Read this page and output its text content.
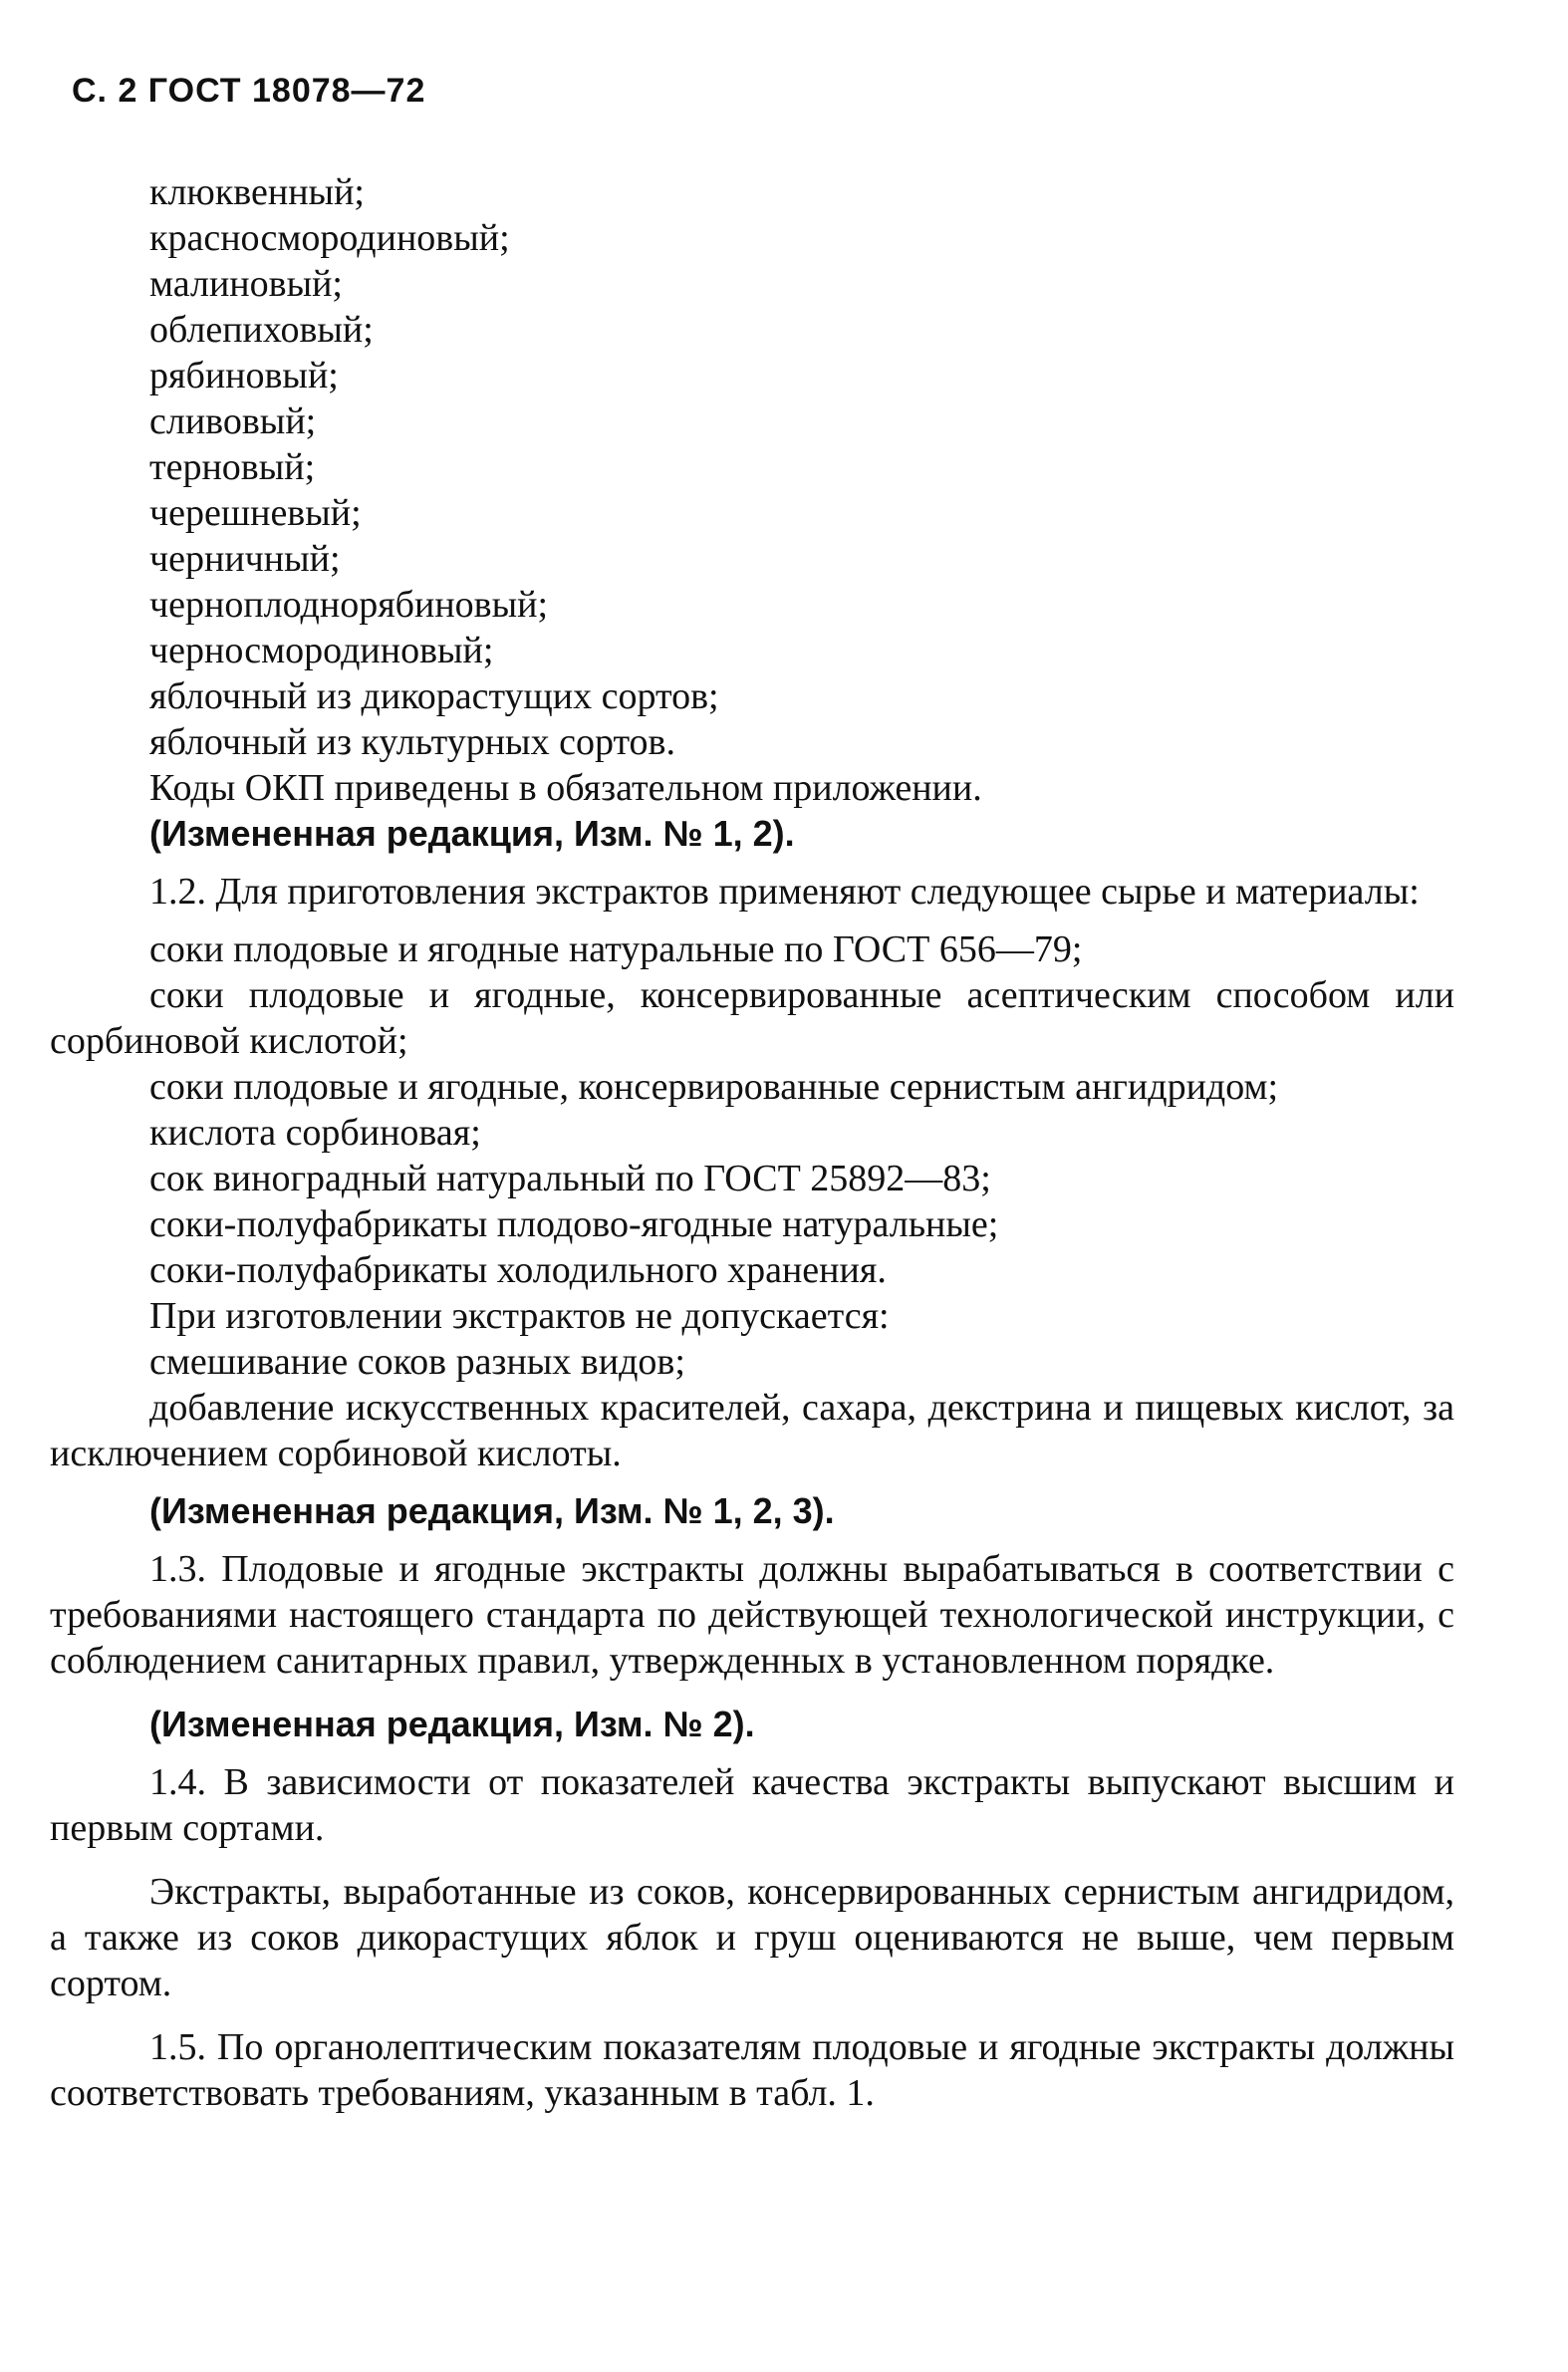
С. 2 ГОСТ 18078—72

клюквенный;

красносмородиновый;

малиновый;

облепиховый;

рябиновый;

сливовый;

терновый;

черешневый;

черничный;

черноплоднорябиновый;

черносмородиновый;

яблочный из дикорастущих сортов;

яблочный из культурных сортов.

Коды ОКП приведены в обязательном приложении.

(Измененная редакция, Изм. № 1, 2).

1.2. Для приготовления экстрактов применяют следующее сырье и материалы:

соки плодовые и ягодные натуральные по ГОСТ 656—79;

соки плодовые и ягодные, консервированные асептическим способом или сорбиновой кислотой;

соки плодовые и ягодные, консервированные сернистым ангидридом;

кислота сорбиновая;

сок виноградный натуральный по ГОСТ 25892—83;

соки-полуфабрикаты плодово-ягодные натуральные;

соки-полуфабрикаты холодильного хранения.

При изготовлении экстрактов не допускается:

смешивание соков разных видов;

добавление искусственных красителей, сахара, декстрина и пищевых кислот, за исключением сорбиновой кислоты.

(Измененная редакция, Изм. № 1, 2, 3).

1.3. Плодовые и ягодные экстракты должны вырабатываться в соответствии с требованиями настоящего стандарта по действующей технологической инструкции, с соблюдением санитарных правил, утвержденных в установленном порядке.

(Измененная редакция, Изм. № 2).

1.4. В зависимости от показателей качества экстракты выпускают высшим и первым сортами.

Экстракты, выработанные из соков, консервированных сернистым ангидридом, а также из соков дикорастущих яблок и груш оцениваются не выше, чем первым сортом.

1.5. По органолептическим показателям плодовые и ягодные экстракты должны соответствовать требованиям, указанным в табл. 1.
